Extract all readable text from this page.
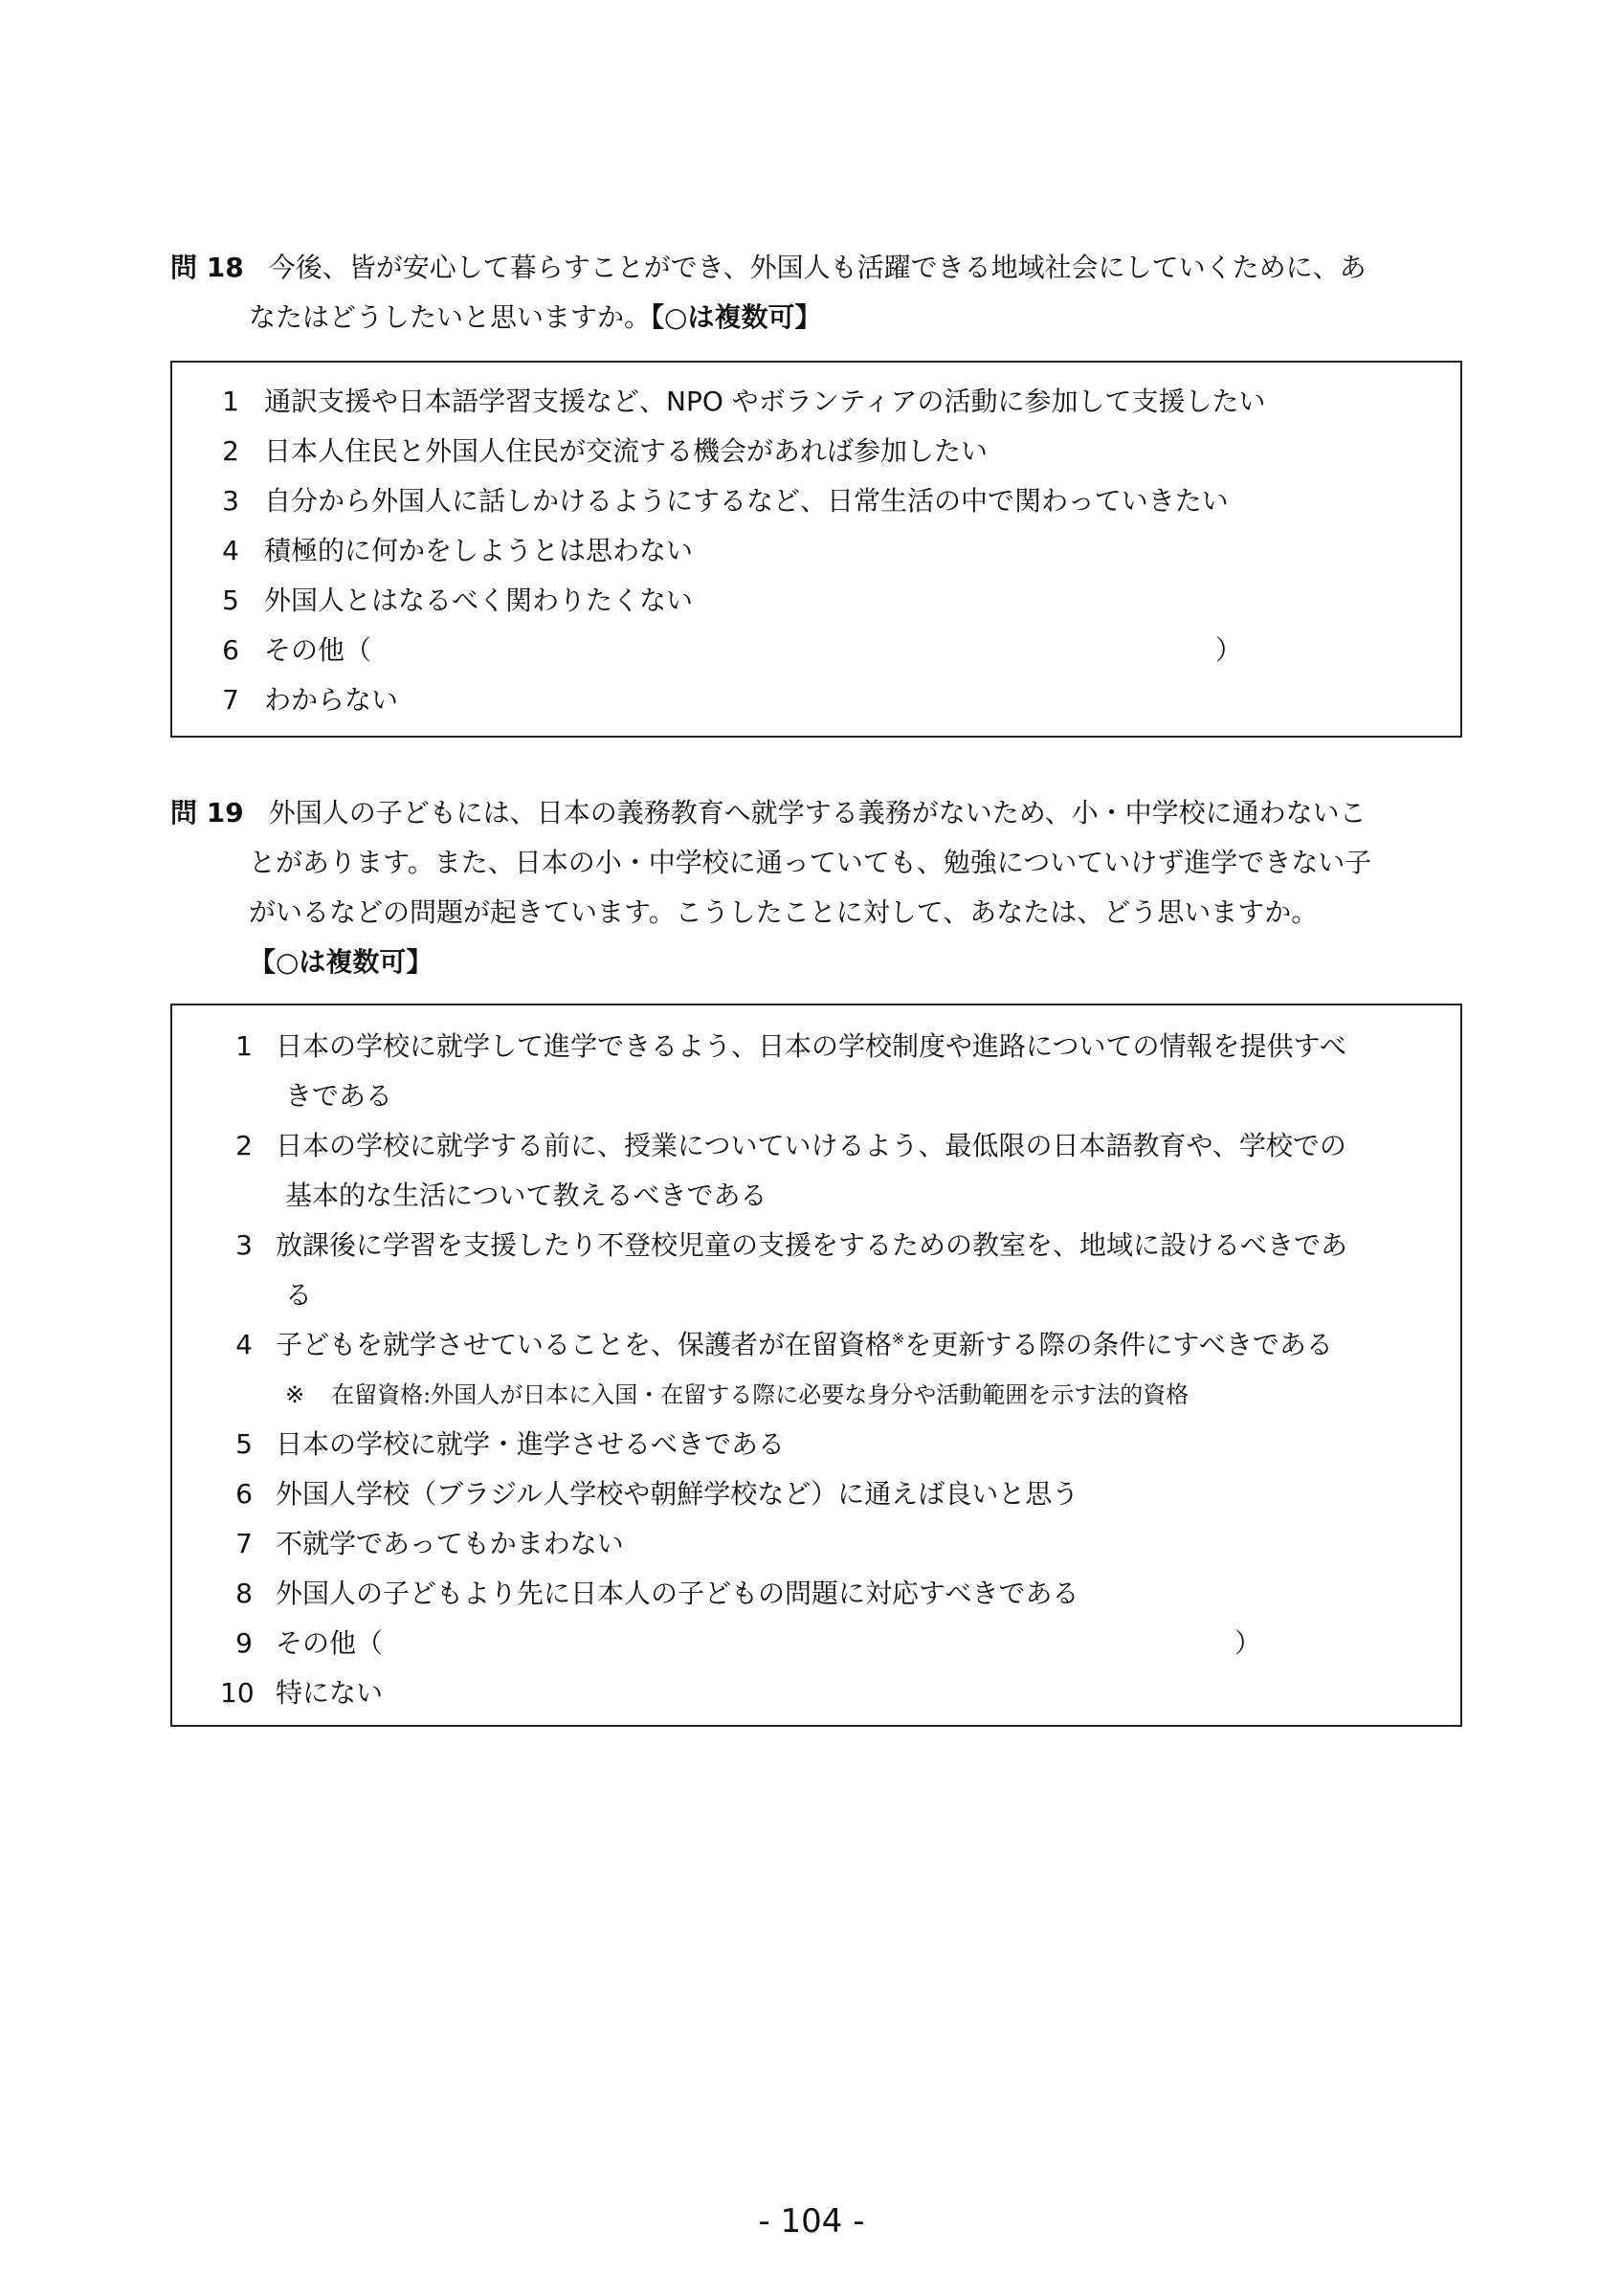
問 18 今後、皆が安心して暮らすことができ、外国人も活躍できる地域社会にしていくために、あ
なたはどうしたいと思いますか。【○は複数可】
1 通訳支援や日本語学習支援など、NPO やボランティアの活動に参加して支援したい
2 日本人住民と外国人住民が交流する機会があれば参加したい
3 自分から外国人に話しかけるようにするなど、日常生活の中で関わっていきたい
4 積極的に何かをしようとは思わない
5 外国人とはなるべく関わりたくない
6 その他（	）
7 わからない
問 19 外国人の子どもには、日本の義務教育へ就学する義務がないため、小・中学校に通わないこ
とがあります。また、日本の小・中学校に通っていても、勉強についていけず進学できない子
がいるなどの問題が起きています。こうしたことに対して、あなたは、どう思いますか。
【○は複数可】
1 日本の学校に就学して進学できるよう、日本の学校制度や進路についての情報を提供すべ
きである
2 日本の学校に就学する前に、授業についていけるよう、最低限の日本語教育や、学校での
基本的な生活について教えるべきである
3 放課後に学習を支援したり不登校児童の支援をするための教室を、地域に設けるべきであ
る
4 子どもを就学させていることを、保護者が在留資格※を更新する際の条件にすべきである
※ 在留資格:外国人が日本に入国・在留する際に必要な身分や活動範囲を示す法的資格
5 日本の学校に就学・進学させるべきである
6 外国人学校（ブラジル人学校や朝鮮学校など）に通えば良いと思う
7 不就学であってもかまわない
8 外国人の子どもより先に日本人の子どもの問題に対応すべきである
9 その他（	）
10 特にない
- 104 -
